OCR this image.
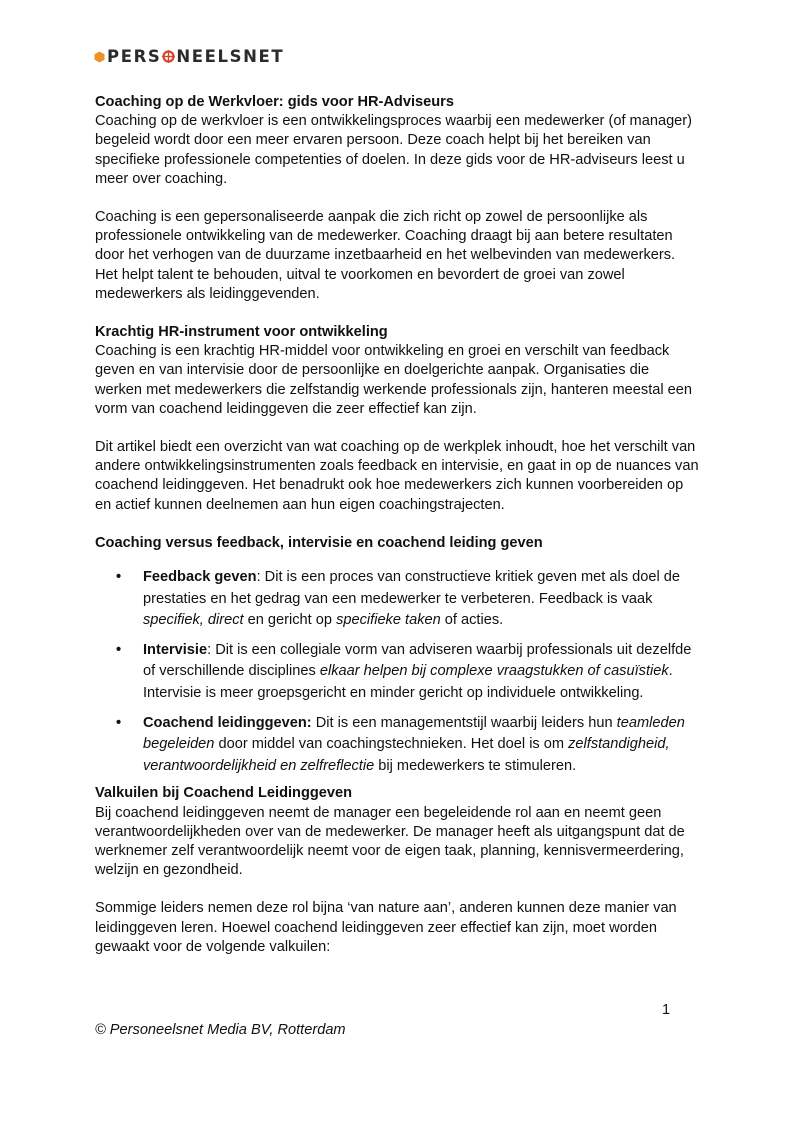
PERS NEELSNET

Coaching op de Werkvloer: gids voor HR-Adviseurs

Coaching op de werkvloer is een ontwikkelingsproces waarbij een medewerker (of manager) begeleid wordt door een meer ervaren persoon. Deze coach helpt bij het bereiken van specifieke professionele competenties of doelen. In deze gids voor de HR-adviseurs leest u meer over coaching.

Coaching is een gepersonaliseerde aanpak die zich richt op zowel de persoonlijke als professionele ontwikkeling van de medewerker. Coaching draagt bij aan betere resultaten door het verhogen van de duurzame inzetbaarheid en het welbevinden van medewerkers. Het helpt talent te behouden, uitval te voorkomen en bevordert de groei van zowel medewerkers als leidinggevenden.

Krachtig HR-instrument voor ontwikkeling

Coaching is een krachtig HR-middel voor ontwikkeling en groei en verschilt van feedback geven en van intervisie door de persoonlijke en doelgerichte aanpak. Organisaties die werken met medewerkers die zelfstandig werkende professionals zijn, hanteren meestal een vorm van coachend leidinggeven die zeer effectief kan zijn.

Dit artikel biedt een overzicht van wat coaching op de werkplek inhoudt, hoe het verschilt van andere ontwikkelingsinstrumenten zoals feedback en intervisie, en gaat in op de nuances van coachend leidinggeven. Het benadrukt ook hoe medewerkers zich kunnen voorbereiden op en actief kunnen deelnemen aan hun eigen coachingstrajecten.

Coaching versus feedback, intervisie en coachend leiding geven

• Feedback geven: Dit is een proces van constructieve kritiek geven met als doel de prestaties en het gedrag van een medewerker te verbeteren. Feedback is vaak specifiek, direct en gericht op specifieke taken of acties.
• Intervisie: Dit is een collegiale vorm van adviseren waarbij professionals uit dezelfde of verschillende disciplines elkaar helpen bij complexe vraagstukken of casuïstiek. Intervisie is meer groepsgericht en minder gericht op individuele ontwikkeling.
• Coachend leidinggeven: Dit is een managementstijl waarbij leiders hun teamleden begeleiden door middel van coachingstechnieken. Het doel is om zelfstandigheid, verantwoordelijkheid en zelfreflectie bij medewerkers te stimuleren.

Valkuilen bij Coachend Leidinggeven

Bij coachend leidinggeven neemt de manager een begeleidende rol aan en neemt geen verantwoordelijkheden over van de medewerker. De manager heeft als uitgangspunt dat de werknemer zelf verantwoordelijk neemt voor de eigen taak, planning, kennisvermeerdering, welzijn en gezondheid.

Sommige leiders nemen deze rol bijna ‘van nature aan’, anderen kunnen deze manier van leidinggeven leren. Hoewel coachend leidinggeven zeer effectief kan zijn, moet worden gewaakt voor de volgende valkuilen:

1
© Personeelsnet Media BV, Rotterdam
